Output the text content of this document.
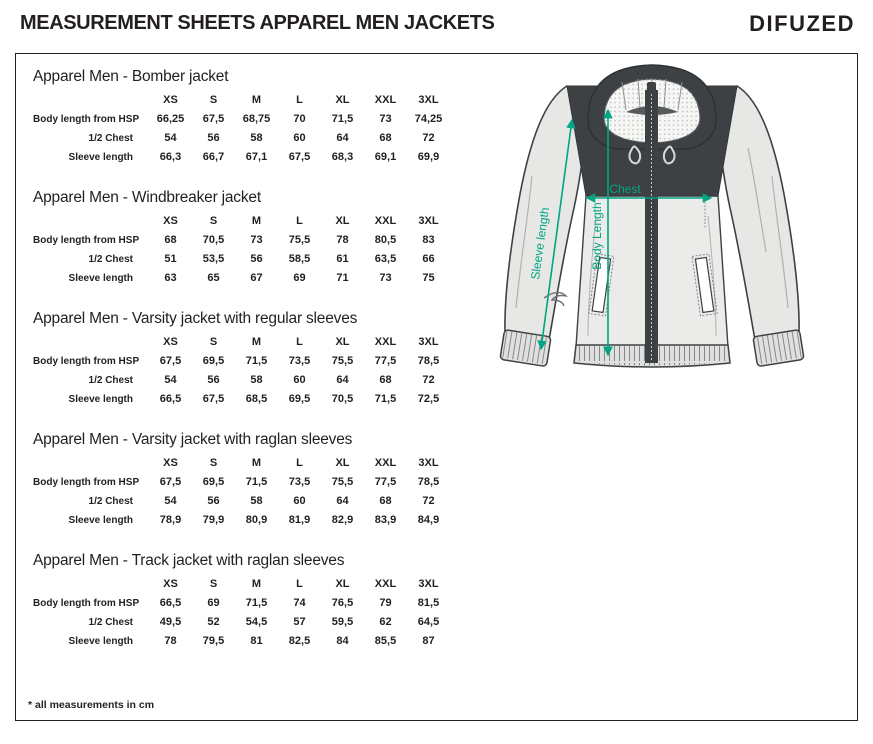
MEASUREMENT SHEETS APPAREL MEN JACKETS	DIFUZED
Apparel Men - Bomber jacket
XS	S	M	L	XL	XXL	3XL
Body length from HSP	66,25	67,5	68,75	70	71,5	73	74,25
1/2 Chest	54	56	58	60	64	68	72
Sleeve length	66,3	66,7	67,1	67,5	68,3	69,1	69,9
Apparel Men - Windbreaker jacket
XS	S	M	L	XL	XXL	3XL
Body length from HSP	68	70,5	73	75,5	78	80,5	83
1/2 Chest	51	53,5	56	58,5	61	63,5	66
Sleeve length	63	65	67	69	71	73	75
Apparel Men - Varsity jacket with regular sleeves
XS	S	M	L	XL	XXL	3XL
Body length from HSP	67,5	69,5	71,5	73,5	75,5	77,5	78,5
1/2 Chest	54	56	58	60	64	68	72
Sleeve length	66,5	67,5	68,5	69,5	70,5	71,5	72,5
Apparel Men - Varsity jacket with raglan sleeves
XS	S	M	L	XL	XXL	3XL
Body length from HSP	67,5	69,5	71,5	73,5	75,5	77,5	78,5
1/2 Chest	54	56	58	60	64	68	72
Sleeve length	78,9	79,9	80,9	81,9	82,9	83,9	84,9
Apparel Men - Track jacket with raglan sleeves
XS	S	M	L	XL	XXL	3XL
Body length from HSP	66,5	69	71,5	74	76,5	79	81,5
1/2 Chest	49,5	52	54,5	57	59,5	62	64,5
Sleeve length	78	79,5	81	82,5	84	85,5	87
Sleeve length	Body Length
Chest
* all measurements in cm
